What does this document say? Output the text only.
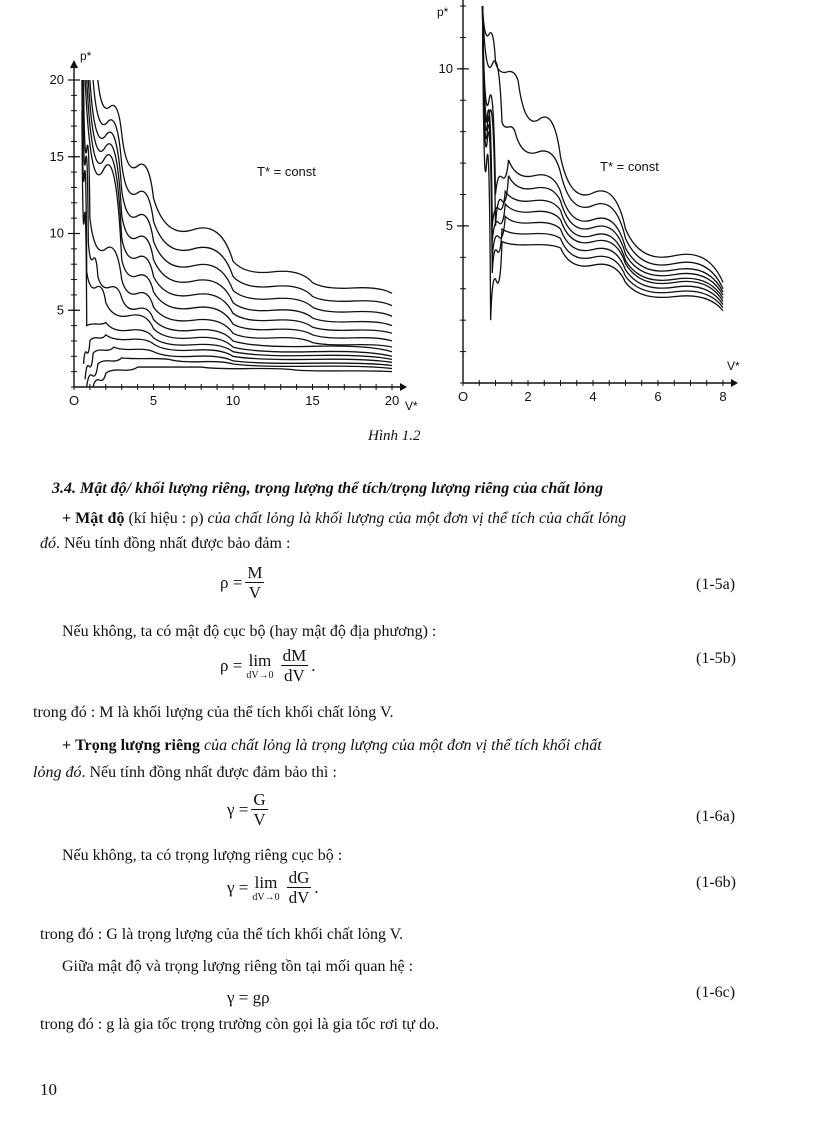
O	5	10	15	20
5
10
15
20
T* = const
p*
V*
O	2	4	6	8
5
10
T* = const
p*
V*
Hình 1.2
3.4. Mật độ/ khối lượng riêng, trọng lượng thể tích/trọng lượng riêng của chất lỏng
+ Mật độ (kí hiệu : ρ) của chất lỏng là khối lượng của một đơn vị thể tích của chất lỏng
đó. Nếu tính đồng nhất được bảo đảm :
$\rho = \frac{M}{V}$	(1-5a)
Nếu không, ta có mật độ cục bộ (hay mật độ địa phương) :
ρ = lim
$dV\to 0 \frac{dM}{dV}$ .	(1-5b)
trong đó : M là khối lượng của thể tích khối chất lỏng V.
+ Trọng lượng riêng của chất lỏng là trọng lượng của một đơn vị thể tích khối chất
lỏng đó. Nếu tính đồng nhất được đảm bảo thì :
$\gamma = \frac{G}{V}$	(1-6a)
Nếu không, ta có trọng lượng riêng cục bộ :
γ = lim
$dV\to 0 \frac{dG}{dV}$ .	(1-6b)
trong đó : G là trọng lượng của thể tích khối chất lỏng V.
Giữa mật độ và trọng lượng riêng tồn tại mối quan hệ :
γ = gρ	(1-6c)
trong đó : g là gia tốc trọng trường còn gọi là gia tốc rơi tự do.
10
